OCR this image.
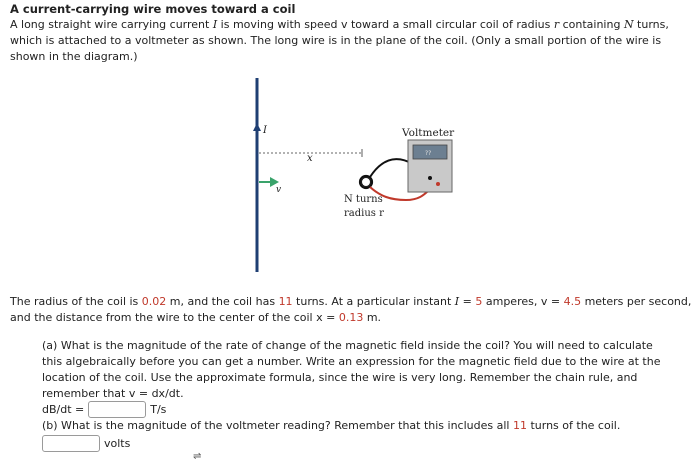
A current-carrying wire moves toward a coil
A long straight wire carrying current I is moving with speed v toward a small circular coil of radius r containing N turns, which is attached to a voltmeter as shown. The long wire is in the plane of the coil. (Only a small portion of the wire is shown in the diagram.)
I
x
v
??
Voltmeter
N turns
radius r
The radius of the coil is 0.02 m, and the coil has 11 turns. At a particular instant I = 5 amperes, v = 4.5 meters per second, and the distance from the wire to the center of the coil x = 0.13 m.
(a) What is the magnitude of the rate of change of the magnetic field inside the coil? You will need to calculate this algebraically before you can get a number. Write an expression for the magnetic field due to the wire at the location of the coil. Use the approximate formula, since the wire is very long. Remember the chain rule, and remember that v = dx/dt.
dB/dt =	T/s
(b) What is the magnitude of the voltmeter reading? Remember that this includes all 11 turns of the coil.
volts
⇌
